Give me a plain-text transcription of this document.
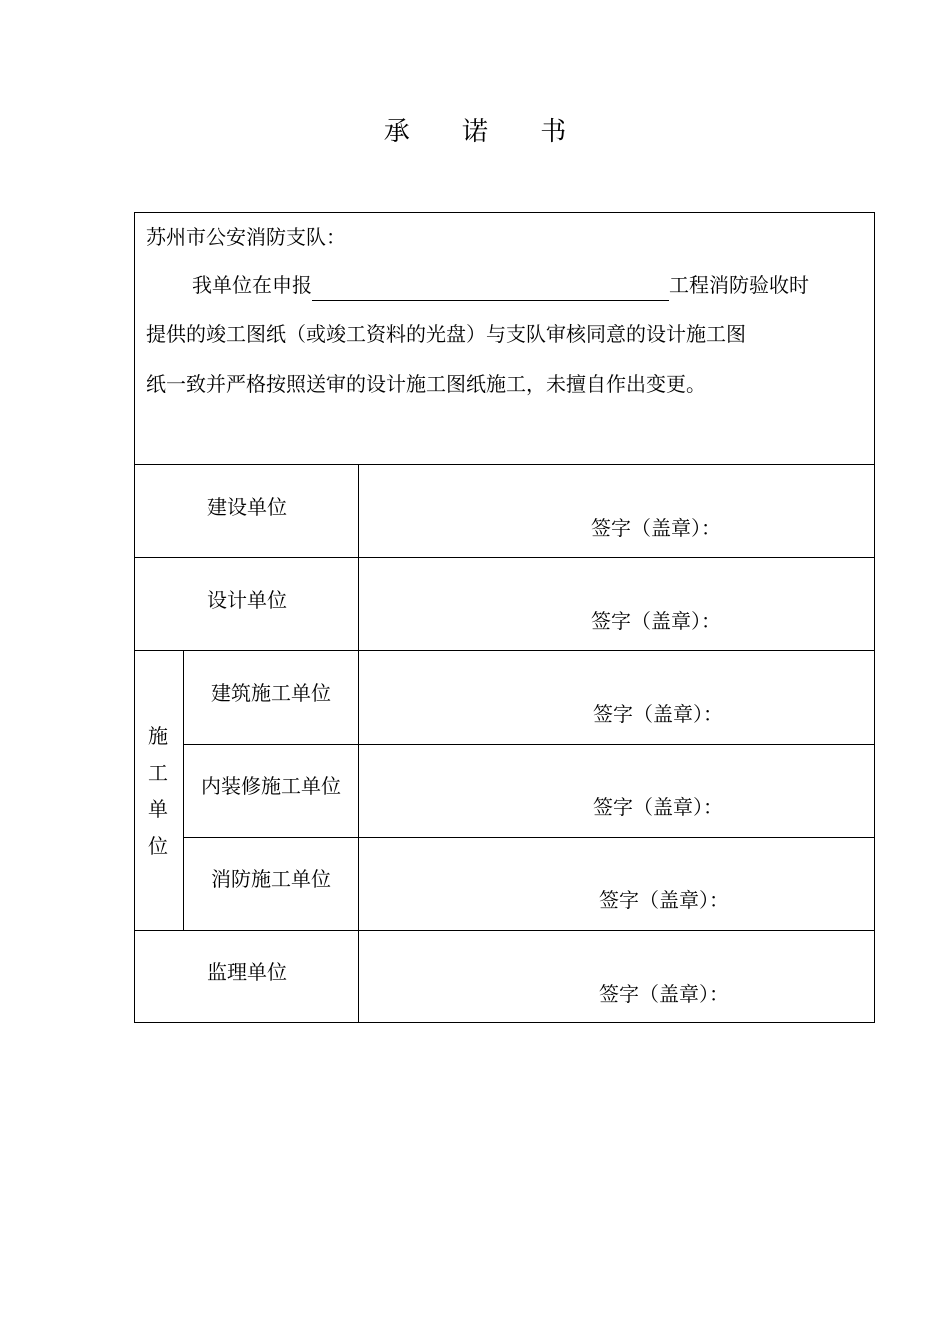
承 诺 书
苏州市公安消防支队：
我单位在申报	工程消防验收时
提供的竣工图纸（或竣工资料的光盘）与支队审核同意的设计施工图
纸一致并严格按照送审的设计施工图纸施工，未擅自作出变更。
施
工
单
位
建设单位
设计单位
建筑施工单位
内装修施工单位
消防施工单位
监理单位
签字（盖章）：
签字（盖章）：
签字（盖章）：
签字（盖章）：
签字（盖章）：
签字（盖章）：
